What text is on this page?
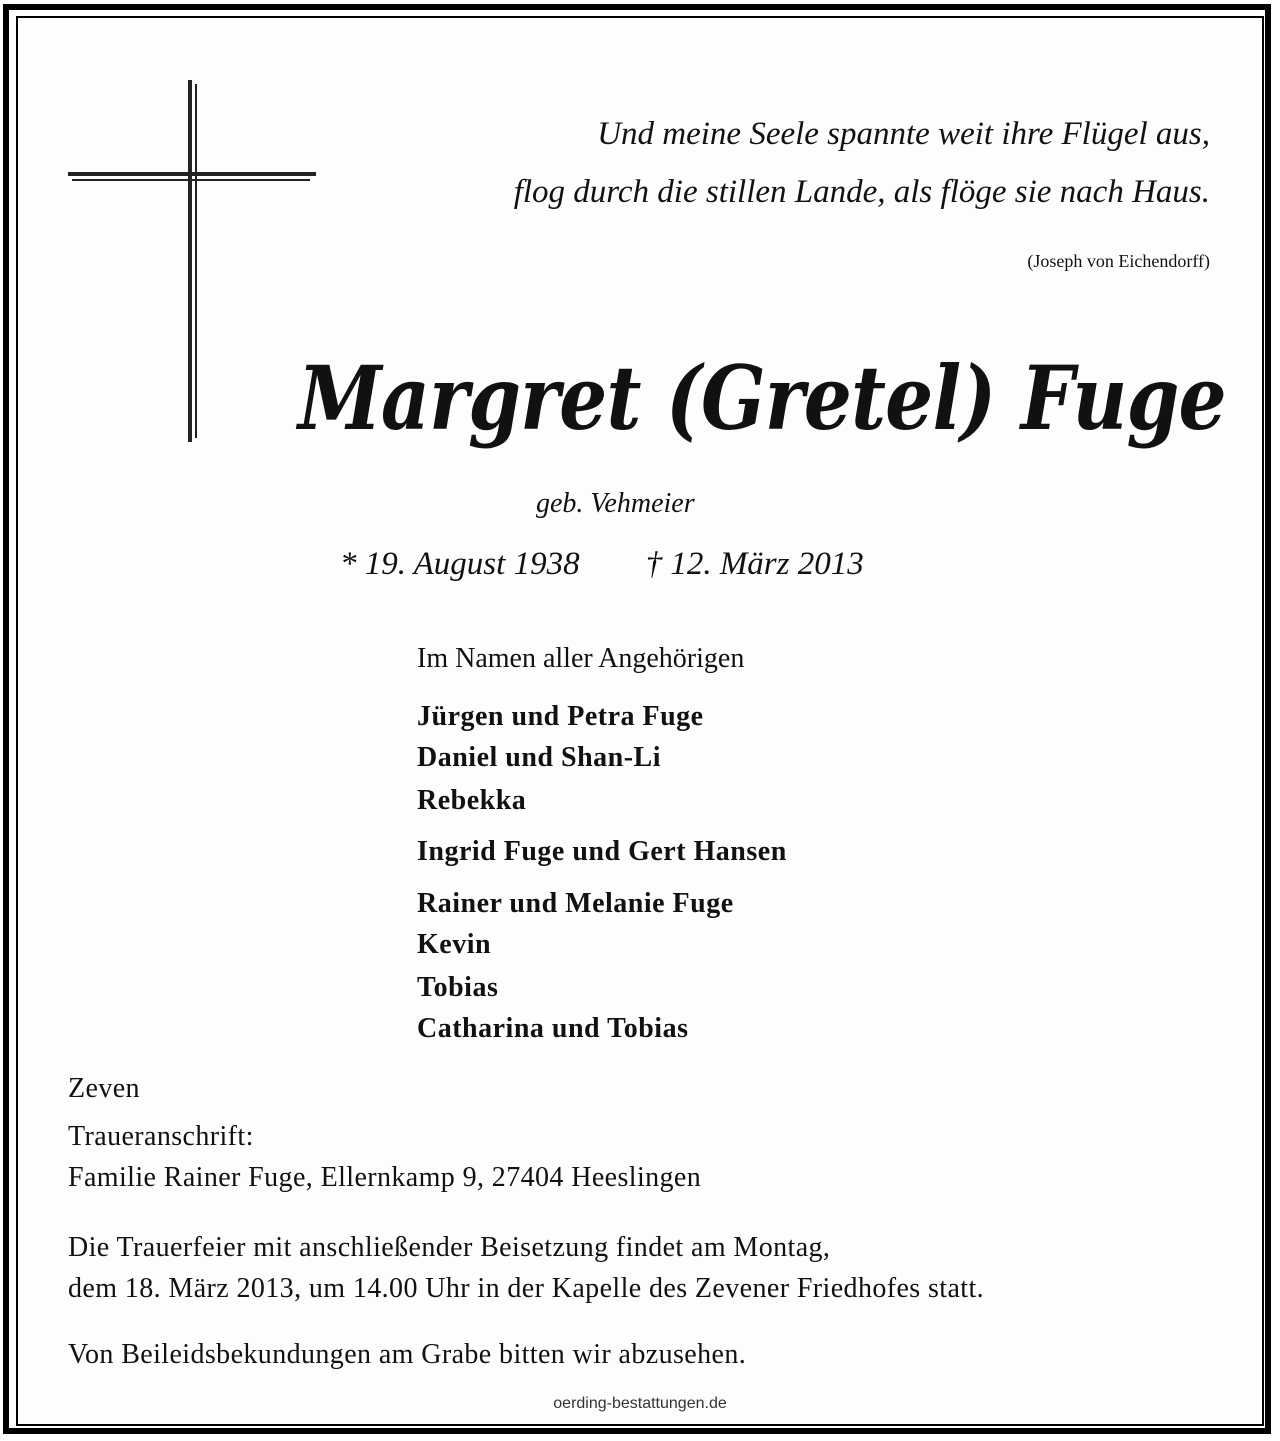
Und meine Seele spannte weit ihre Flügel aus,

flog durch die stillen Lande, als flöge sie nach Haus.

(Joseph von Eichendorff)

Margret (Gretel) Fuge

geb. Vehmeier

* 19. August 1938        † 12. März 2013

Im Namen aller Angehörigen

Jürgen und Petra Fuge

Daniel und Shan-Li

Rebekka

Ingrid Fuge und Gert Hansen

Rainer und Melanie Fuge

Kevin

Tobias

Catharina und Tobias

Zeven

Traueranschrift:

Familie Rainer Fuge, Ellernkamp 9, 27404 Heeslingen

Die Trauerfeier mit anschließender Beisetzung findet am Montag,

dem 18. März 2013, um 14.00 Uhr in der Kapelle des Zevener Friedhofes statt.

Von Beileidsbekundungen am Grabe bitten wir abzusehen.

oerding-bestattungen.de
